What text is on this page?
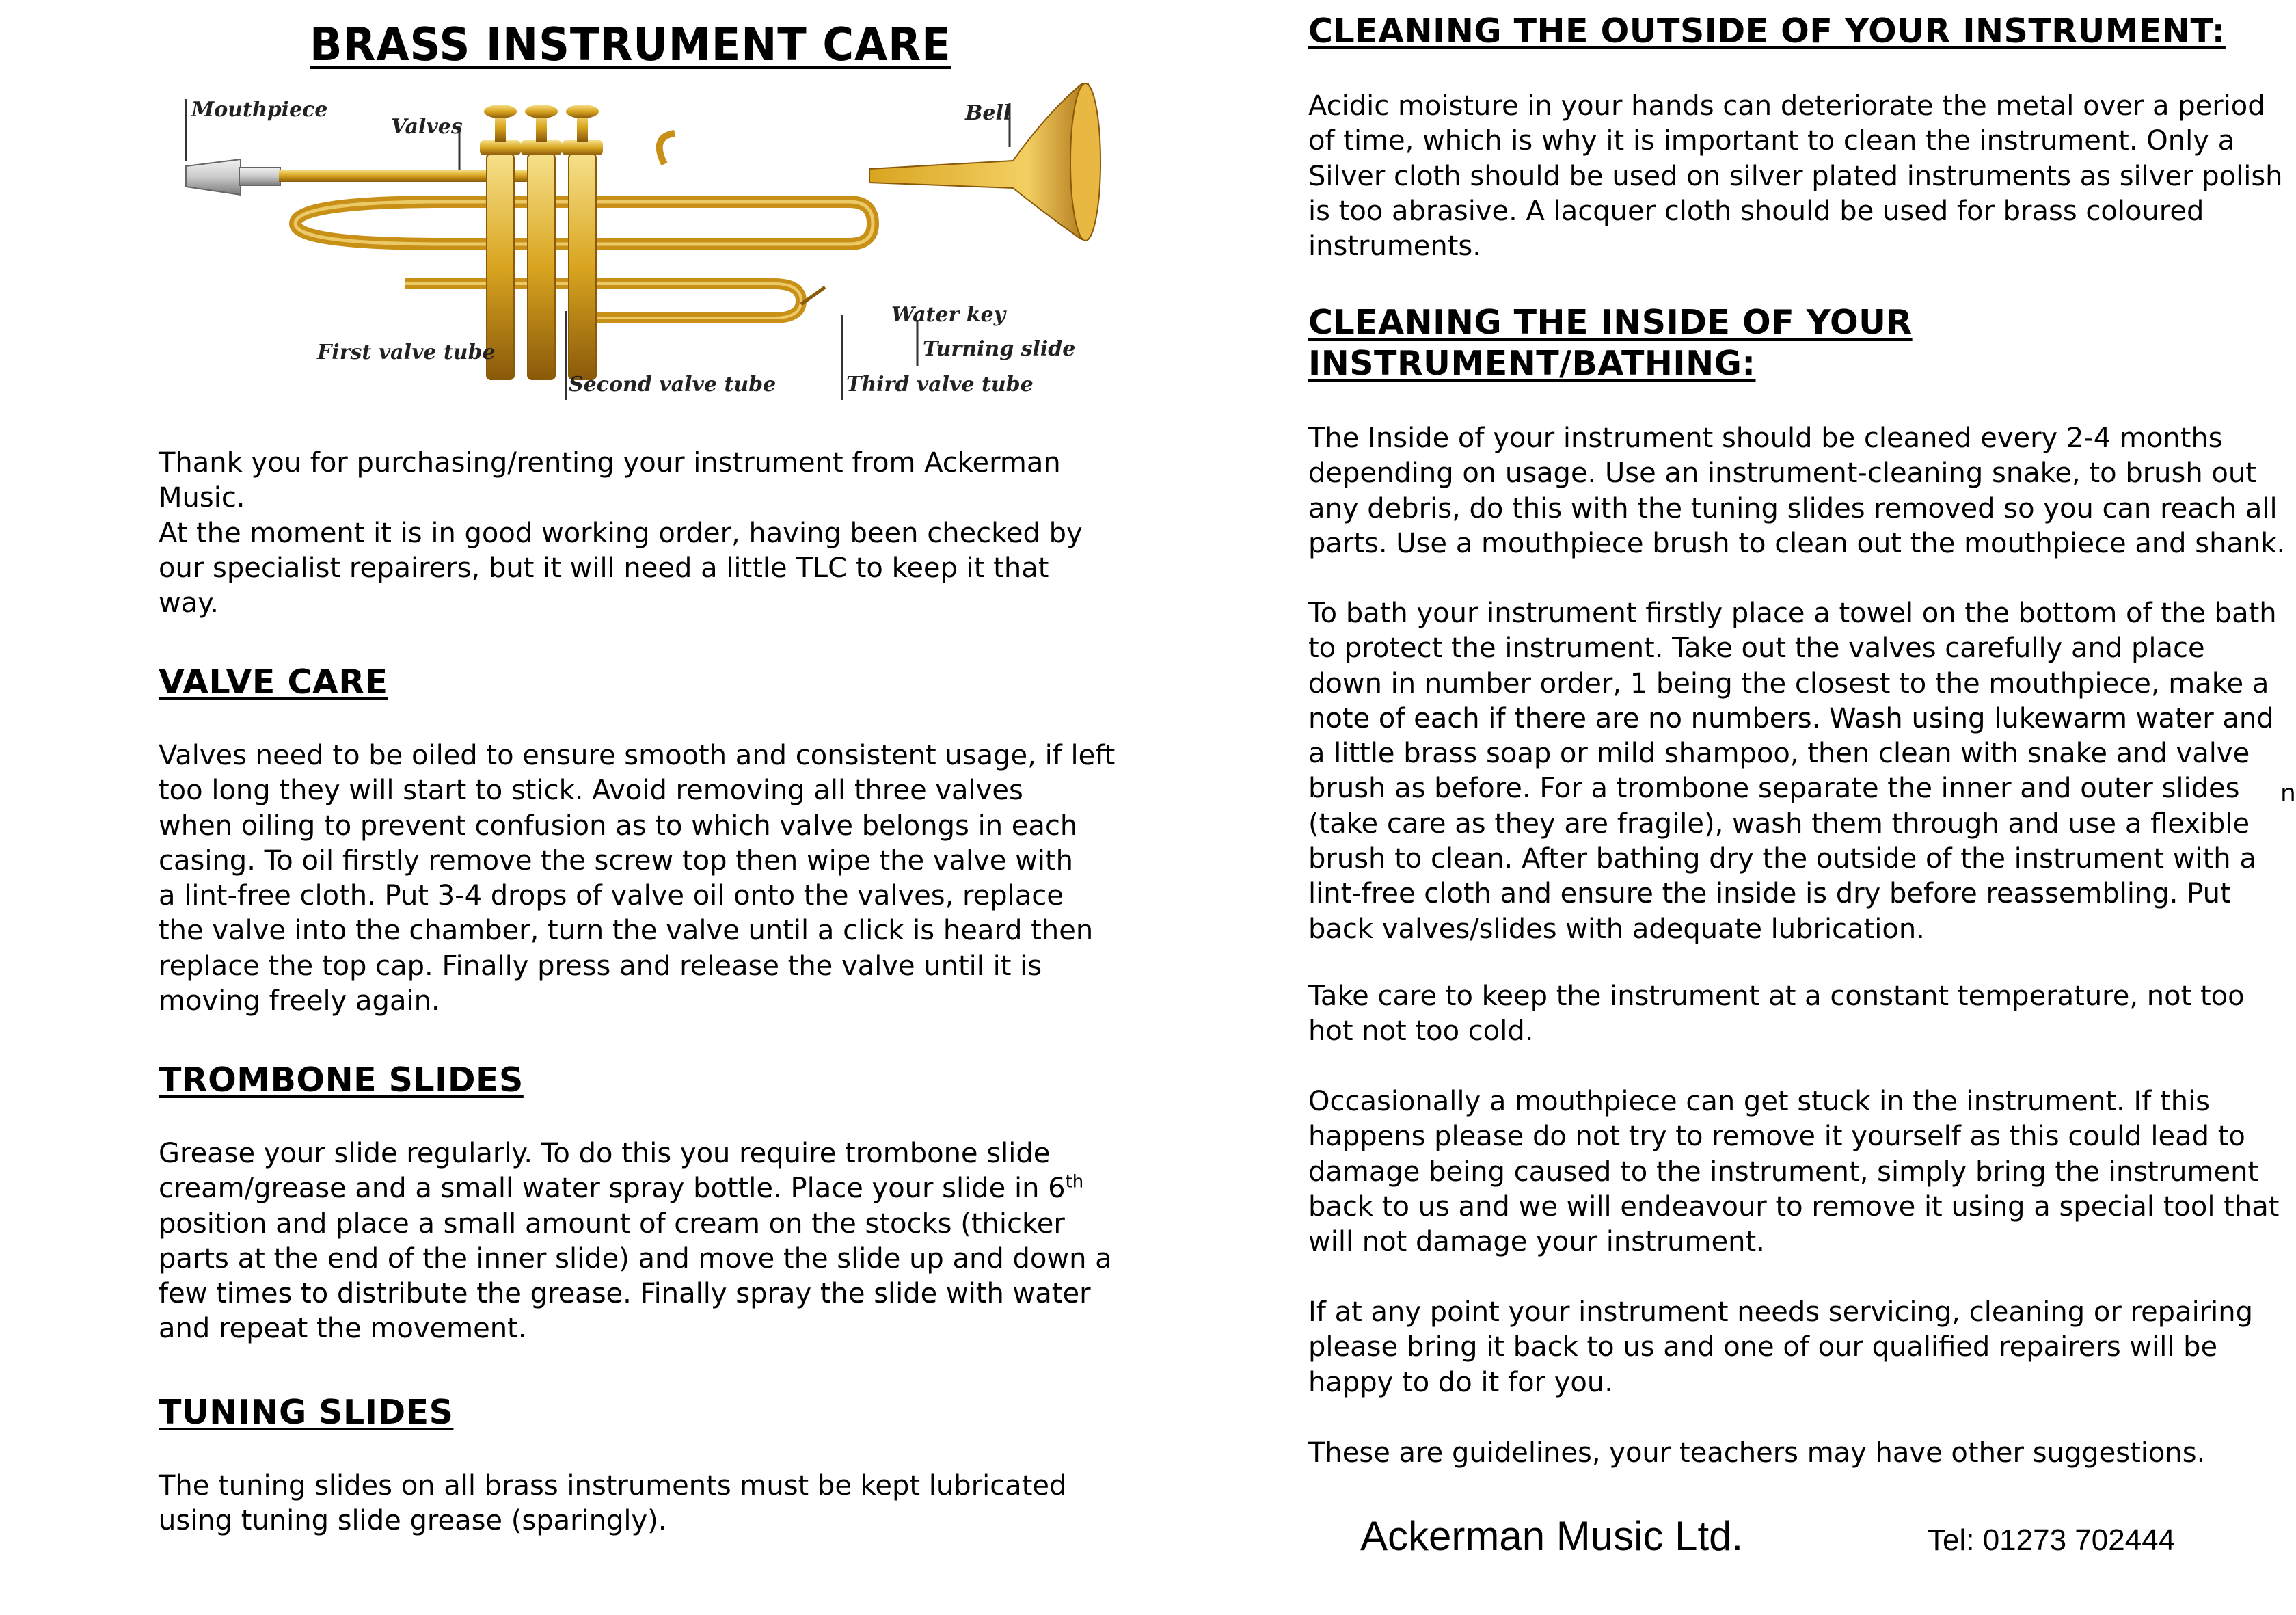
BRASS INSTRUMENT CARE
Mouthpiece
Valves
Bell
Water key
First valve tube	Turning slide
Second valve tube	Third valve tube
Thank you for purchasing/renting your instrument from Ackerman
Music.
At the moment it is in good working order, having been checked by
our specialist repairers, but it will need a little TLC to keep it that
way.
VALVE CARE
Valves need to be oiled to ensure smooth and consistent usage, if left
too long they will start to stick. Avoid removing all three valves
when oiling to prevent confusion as to which valve belongs in each
casing. To oil firstly remove the screw top then wipe the valve with
a lint-free cloth. Put 3-4 drops of valve oil onto the valves, replace
the valve into the chamber, turn the valve until a click is heard then
replace the top cap. Finally press and release the valve until it is
moving freely again.
TROMBONE SLIDES
Grease your slide regularly. To do this you require trombone slide
cream/grease and a small water spray bottle. Place your slide in 6th
position and place a small amount of cream on the stocks (thicker
parts at the end of the inner slide) and move the slide up and down a
few times to distribute the grease. Finally spray the slide with water
and repeat the movement.
TUNING SLIDES
The tuning slides on all brass instruments must be kept lubricated
using tuning slide grease (sparingly).
CLEANING THE OUTSIDE OF YOUR INSTRUMENT:
Acidic moisture in your hands can deteriorate the metal over a period
of time, which is why it is important to clean the instrument. Only a
Silver cloth should be used on silver plated instruments as silver polish
is too abrasive. A lacquer cloth should be used for brass coloured
instruments.
CLEANING THE INSIDE OF YOUR
INSTRUMENT/BATHING:
The Inside of your instrument should be cleaned every 2-4 months
depending on usage. Use an instrument-cleaning snake, to brush out
any debris, do this with the tuning slides removed so you can reach all
parts. Use a mouthpiece brush to clean out the mouthpiece and shank.
To bath your instrument firstly place a towel on the bottom of the bath
to protect the instrument. Take out the valves carefully and place
down in number order, 1 being the closest to the mouthpiece, make a
note of each if there are no numbers. Wash using lukewarm water and
a little brass soap or mild shampoo, then clean with snake and valve
brush as before. For a trombone separate the inner and outer slides
(take care as they are fragile), wash them through and use a flexible
brush to clean. After bathing dry the outside of the instrument with a
lint-free cloth and ensure the inside is dry before reassembling. Put
back valves/slides with adequate lubrication.
Take care to keep the instrument at a constant temperature, not too
hot not too cold.
Occasionally a mouthpiece can get stuck in the instrument. If this
happens please do not try to remove it yourself as this could lead to
damage being caused to the instrument, simply bring the instrument
back to us and we will endeavour to remove it using a special tool that
will not damage your instrument.
If at any point your instrument needs servicing, cleaning or repairing
please bring it back to us and one of our qualified repairers will be
happy to do it for you.
These are guidelines, your teachers may have other suggestions.
Ackerman Music Ltd.	Tel: 01273 702444
n
